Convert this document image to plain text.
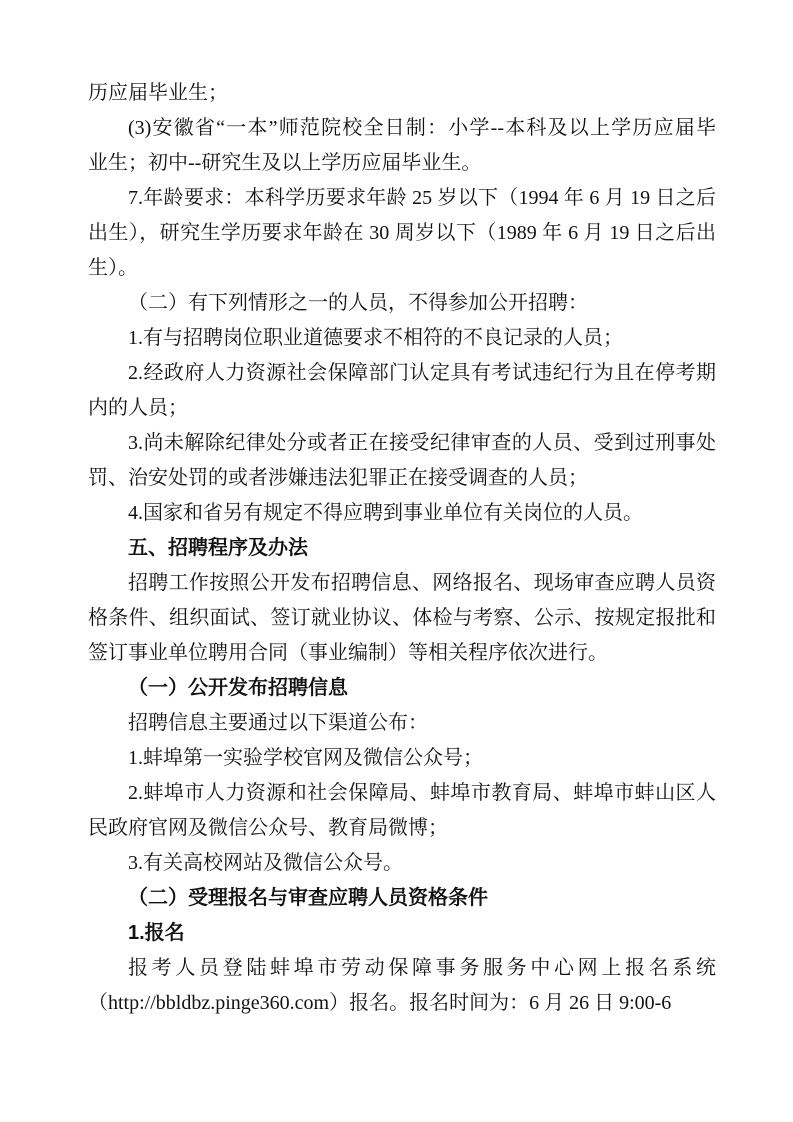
历应届毕业生；
(3)安徽省“一本”师范院校全日制：小学--本科及以上学历应届毕
业生；初中--研究生及以上学历应届毕业生。
7.年龄要求：本科学历要求年龄 25 岁以下（1994 年 6 月 19 日之后
出生），研究生学历要求年龄在 30 周岁以下（1989 年 6 月 19 日之后出
生）。
（二）有下列情形之一的人员，不得参加公开招聘：
1.有与招聘岗位职业道德要求不相符的不良记录的人员；
2.经政府人力资源社会保障部门认定具有考试违纪行为且在停考期
内的人员；
3.尚未解除纪律处分或者正在接受纪律审查的人员、受到过刑事处
罚、治安处罚的或者涉嫌违法犯罪正在接受调查的人员；
4.国家和省另有规定不得应聘到事业单位有关岗位的人员。
五、招聘程序及办法
招聘工作按照公开发布招聘信息、网络报名、现场审查应聘人员资
格条件、组织面试、签订就业协议、体检与考察、公示、按规定报批和
签订事业单位聘用合同（事业编制）等相关程序依次进行。
（一）公开发布招聘信息
招聘信息主要通过以下渠道公布：
1.蚌埠第一实验学校官网及微信公众号；
2.蚌埠市人力资源和社会保障局、蚌埠市教育局、蚌埠市蚌山区人
民政府官网及微信公众号、教育局微博；
3.有关高校网站及微信公众号。
（二）受理报名与审查应聘人员资格条件
1.报名
报考人员登陆蚌埠市劳动保障事务服务中心网上报名系统
（http://bbldbz.pinge360.com）报名。报名时间为：6 月 26 日 9:00-6
